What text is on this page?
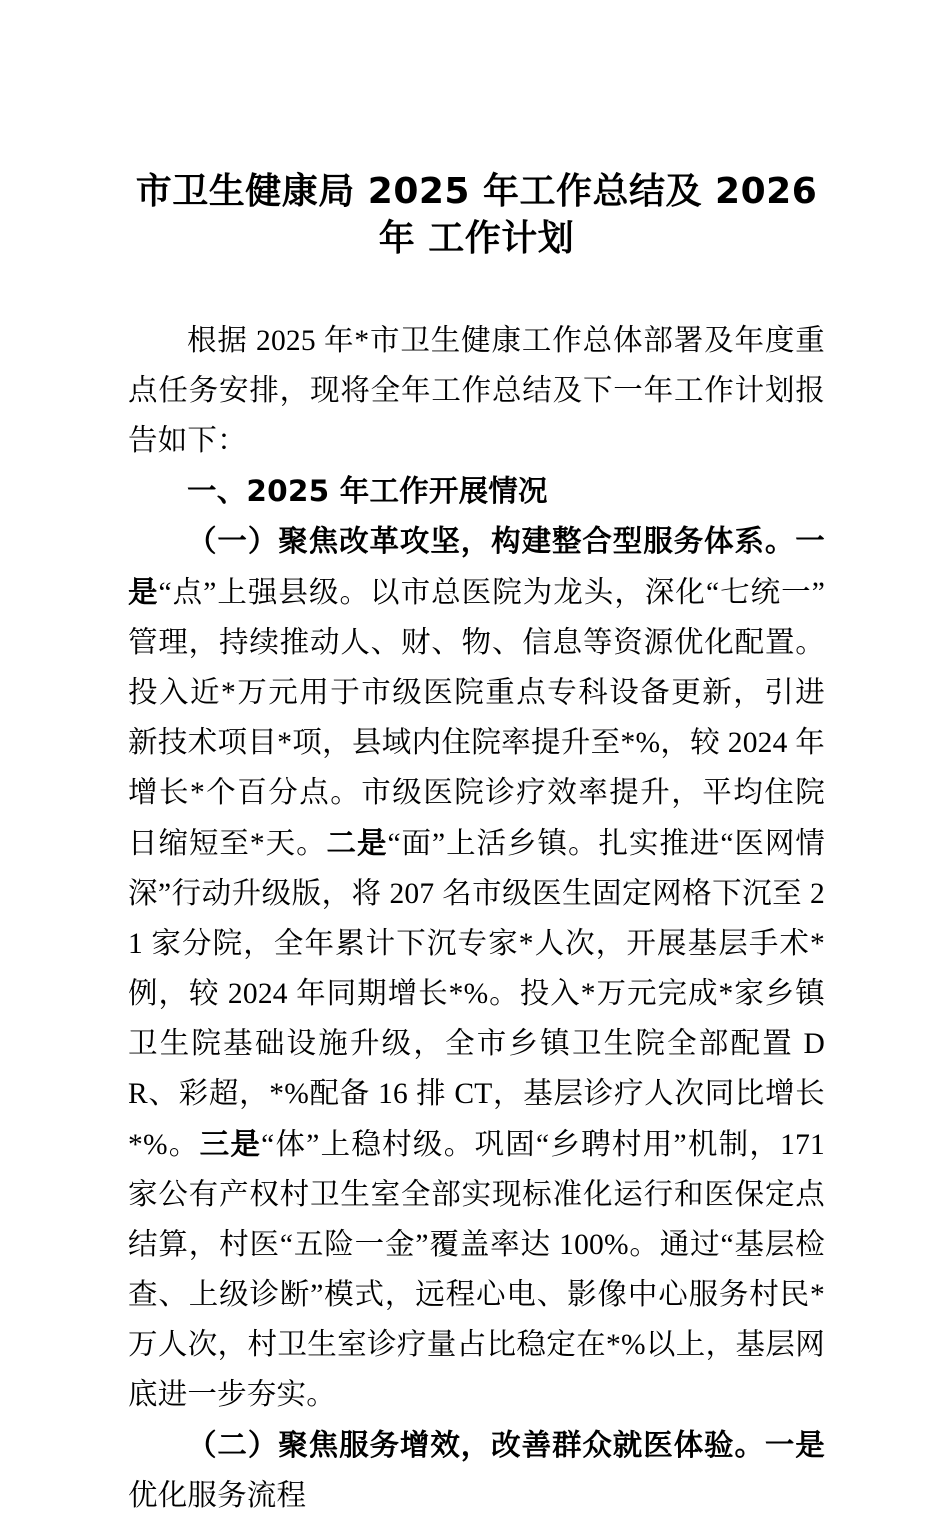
市卫生健康局 2025 年工作总结及 2026 年 工作计划

根据 2025 年*市卫生健康工作总体部署及年度重点任务安排，现将全年工作总结及下一年工作计划报告如下：

一、2025 年工作开展情况

（一）聚焦改革攻坚，构建整合型服务体系。一是“点”上强县级。以市总医院为龙头，深化“七统一”管理，持续推动人、财、物、信息等资源优化配置。投入近*万元用于市级医院重点专科设备更新，引进新技术项目*项，县域内住院率提升至*%，较 2024 年增长*个百分点。市级医院诊疗效率提升，平均住院日缩短至*天。二是“面”上活乡镇。扎实推进“医网情深”行动升级版，将 207 名市级医生固定网格下沉至 21 家分院，全年累计下沉专家*人次，开展基层手术*例，较 2024 年同期增长*%。投入*万元完成*家乡镇卫生院基础设施升级，全市乡镇卫生院全部配置 DR、彩超，*%配备 16 排 CT，基层诊疗人次同比增长*%。三是“体”上稳村级。巩固“乡聘村用”机制，171 家公有产权村卫生室全部实现标准化运行和医保定点结算，村医“五险一金”覆盖率达 100%。通过“基层检查、上级诊断”模式，远程心电、影像中心服务村民*万人次，村卫生室诊疗量占比稳定在*%以上，基层网底进一步夯实。

（二）聚焦服务增效，改善群众就医体验。一是优化服务流程
